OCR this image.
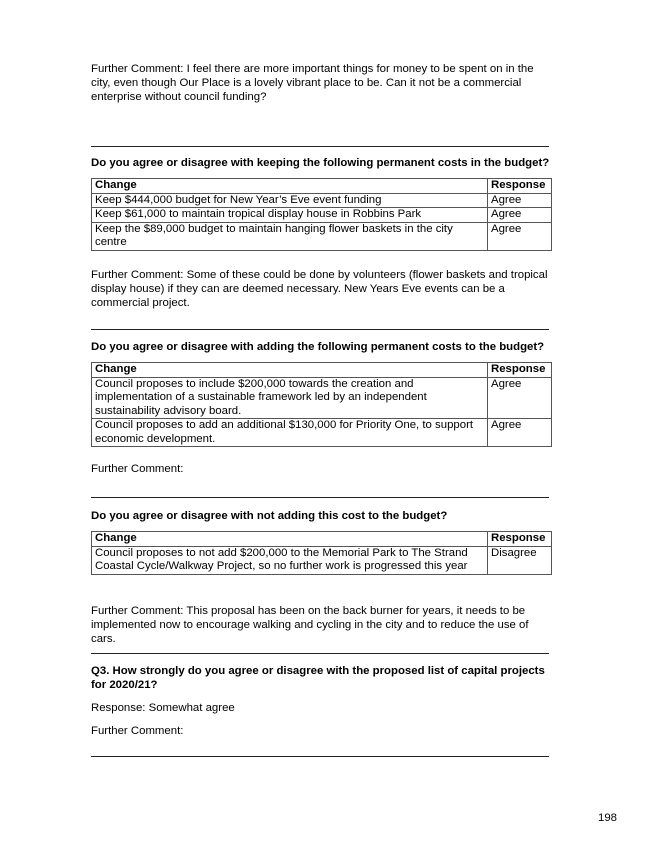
Further Comment: I feel there are more important things for money to be spent on in the city, even though Our Place is a lovely vibrant place to be. Can it not be a commercial enterprise without council funding?

Do you agree or disagree with keeping the following permanent costs in the budget?

Change	Response
Keep $444,000 budget for New Year’s Eve event funding	Agree
Keep $61,000 to maintain tropical display house in Robbins Park	Agree
Keep the $89,000 budget to maintain hanging flower baskets in the city centre	Agree

Further Comment: Some of these could be done by volunteers (flower baskets and tropical display house) if they can are deemed necessary. New Years Eve events can be a commercial project.

Do you agree or disagree with adding the following permanent costs to the budget?

Change	Response
Council proposes to include $200,000 towards the creation and implementation of a sustainable framework led by an independent sustainability advisory board.	Agree
Council proposes to add an additional $130,000 for Priority One, to support economic development.	Agree

Further Comment:

Do you agree or disagree with not adding this cost to the budget?

Change	Response
Council proposes to not add $200,000 to the Memorial Park to The Strand Coastal Cycle/Walkway Project, so no further work is progressed this year	Disagree

Further Comment: This proposal has been on the back burner for years, it needs to be implemented now to encourage walking and cycling in the city and to reduce the use of cars.

Q3. How strongly do you agree or disagree with the proposed list of capital projects for 2020/21?

Response: Somewhat agree

Further Comment:

198
